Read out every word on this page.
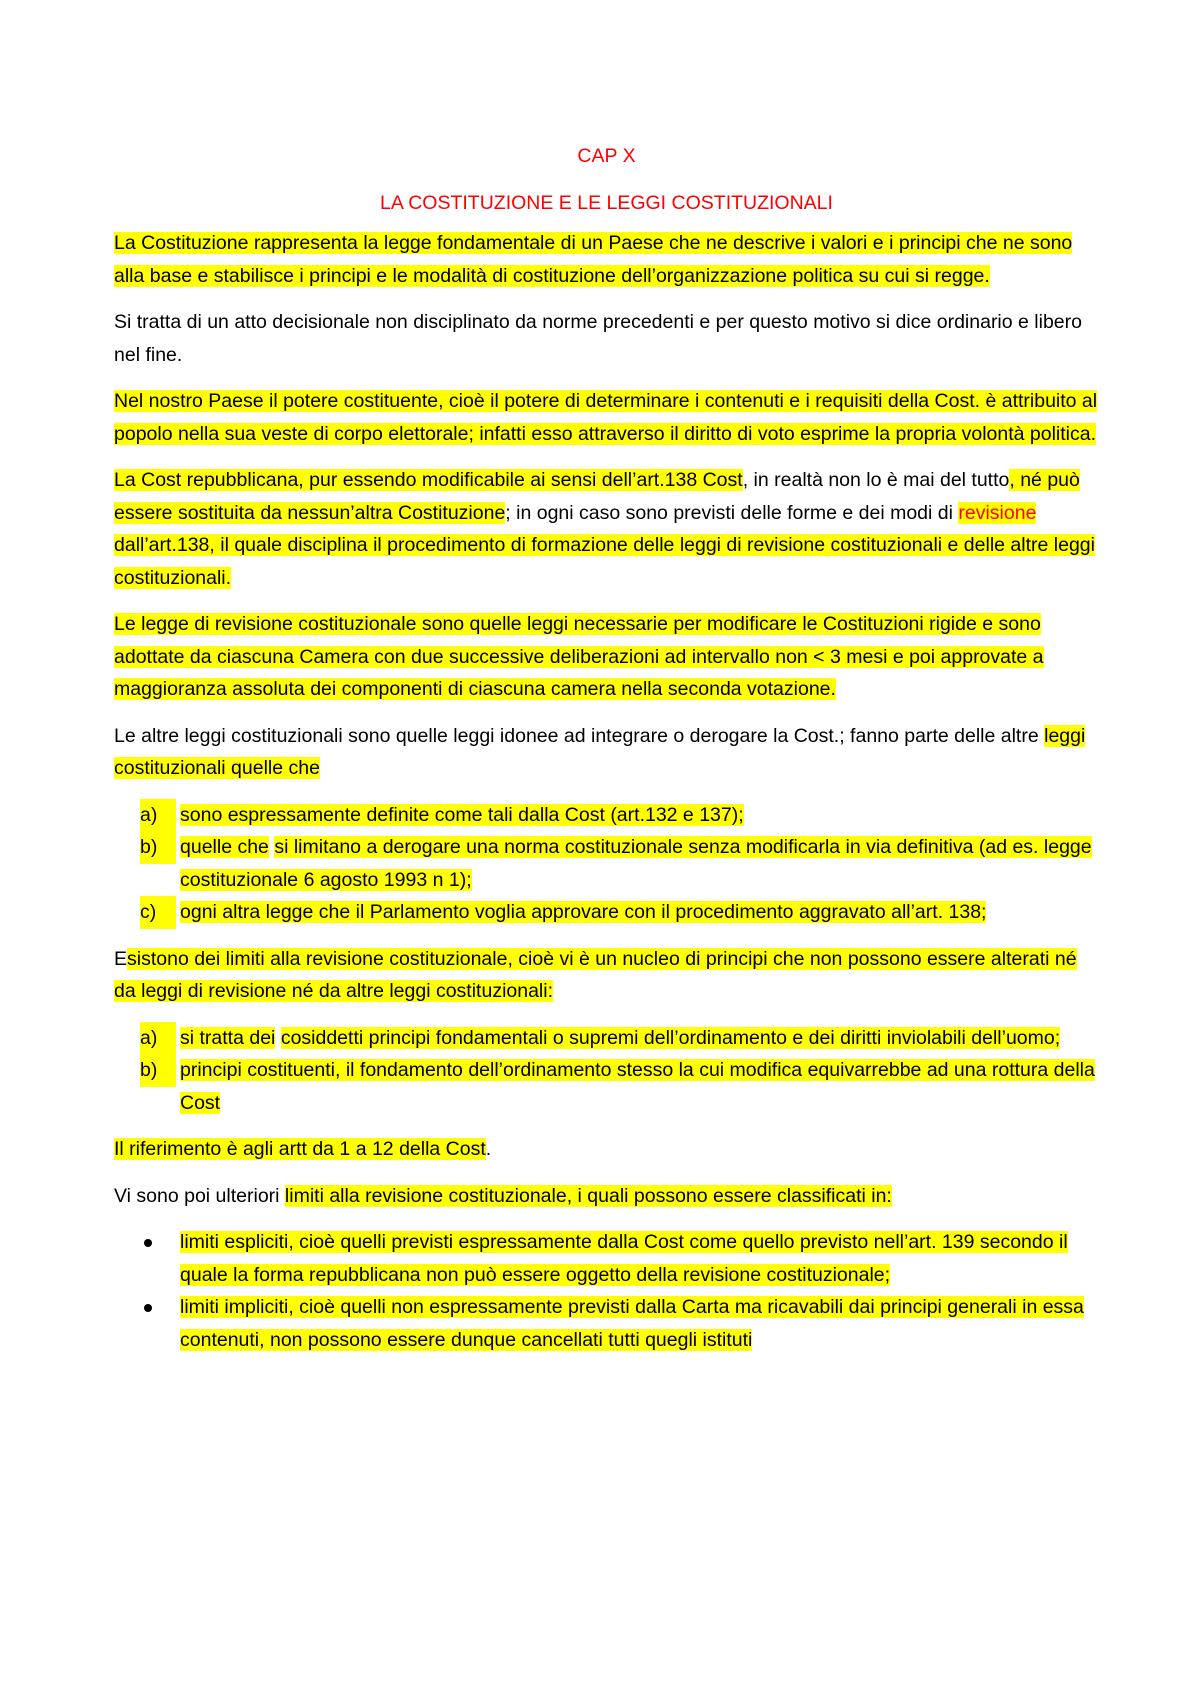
CAP X
LA COSTITUZIONE E LE LEGGI COSTITUZIONALI

La Costituzione rappresenta la legge fondamentale di un Paese che ne descrive i valori e i principi che ne sono alla base e stabilisce i principi e le modalità di costituzione dell’organizzazione politica su cui si regge.

Si tratta di un atto decisionale non disciplinato da norme precedenti e per questo motivo si dice ordinario e libero nel fine.

Nel nostro Paese il potere costituente, cioè il potere di determinare i contenuti e i requisiti della Cost. è attribuito al popolo nella sua veste di corpo elettorale; infatti esso attraverso il diritto di voto esprime la propria volontà politica.

La Cost repubblicana, pur essendo modificabile ai sensi dell’art.138 Cost, in realtà non lo è mai del tutto, né può essere sostituita da nessun’altra Costituzione; in ogni caso sono previsti delle forme e dei modi di revisione dall’art.138, il quale disciplina il procedimento di formazione delle leggi di revisione costituzionali e delle altre leggi costituzionali.

Le legge di revisione costituzionale sono quelle leggi necessarie per modificare le Costituzioni rigide e sono adottate da ciascuna Camera con due successive deliberazioni ad intervallo non < 3 mesi e poi approvate a maggioranza assoluta dei componenti di ciascuna camera nella seconda votazione.

Le altre leggi costituzionali sono quelle leggi idonee ad integrare o derogare la Cost.; fanno parte delle altre leggi costituzionali quelle che

a)	sono espressamente definite come tali dalla Cost (art.132 e 137);
b)	quelle che si limitano a derogare una norma costituzionale senza modificarla in via definitiva (ad es. legge costituzionale 6 agosto 1993 n 1);
c)	ogni altra legge che il Parlamento voglia approvare con il procedimento aggravato all’art. 138;

Esistono dei limiti alla revisione costituzionale, cioè vi è un nucleo di principi che non possono essere alterati né da leggi di revisione né da altre leggi costituzionali:

a)	si tratta dei cosiddetti principi fondamentali o supremi dell’ordinamento e dei diritti inviolabili dell’uomo;
b)	principi costituenti, il fondamento dell’ordinamento stesso la cui modifica equivarrebbe ad una rottura della Cost

Il riferimento è agli artt da 1 a 12 della Cost.

Vi sono poi ulteriori limiti alla revisione costituzionale, i quali possono essere classificati in:

limiti espliciti, cioè quelli previsti espressamente dalla Cost come quello previsto nell’art. 139 secondo il quale la forma repubblicana non può essere oggetto della revisione costituzionale;
limiti impliciti, cioè quelli non espressamente previsti dalla Carta ma ricavabili dai principi generali in essa contenuti, non possono essere dunque cancellati tutti quegli istituti
